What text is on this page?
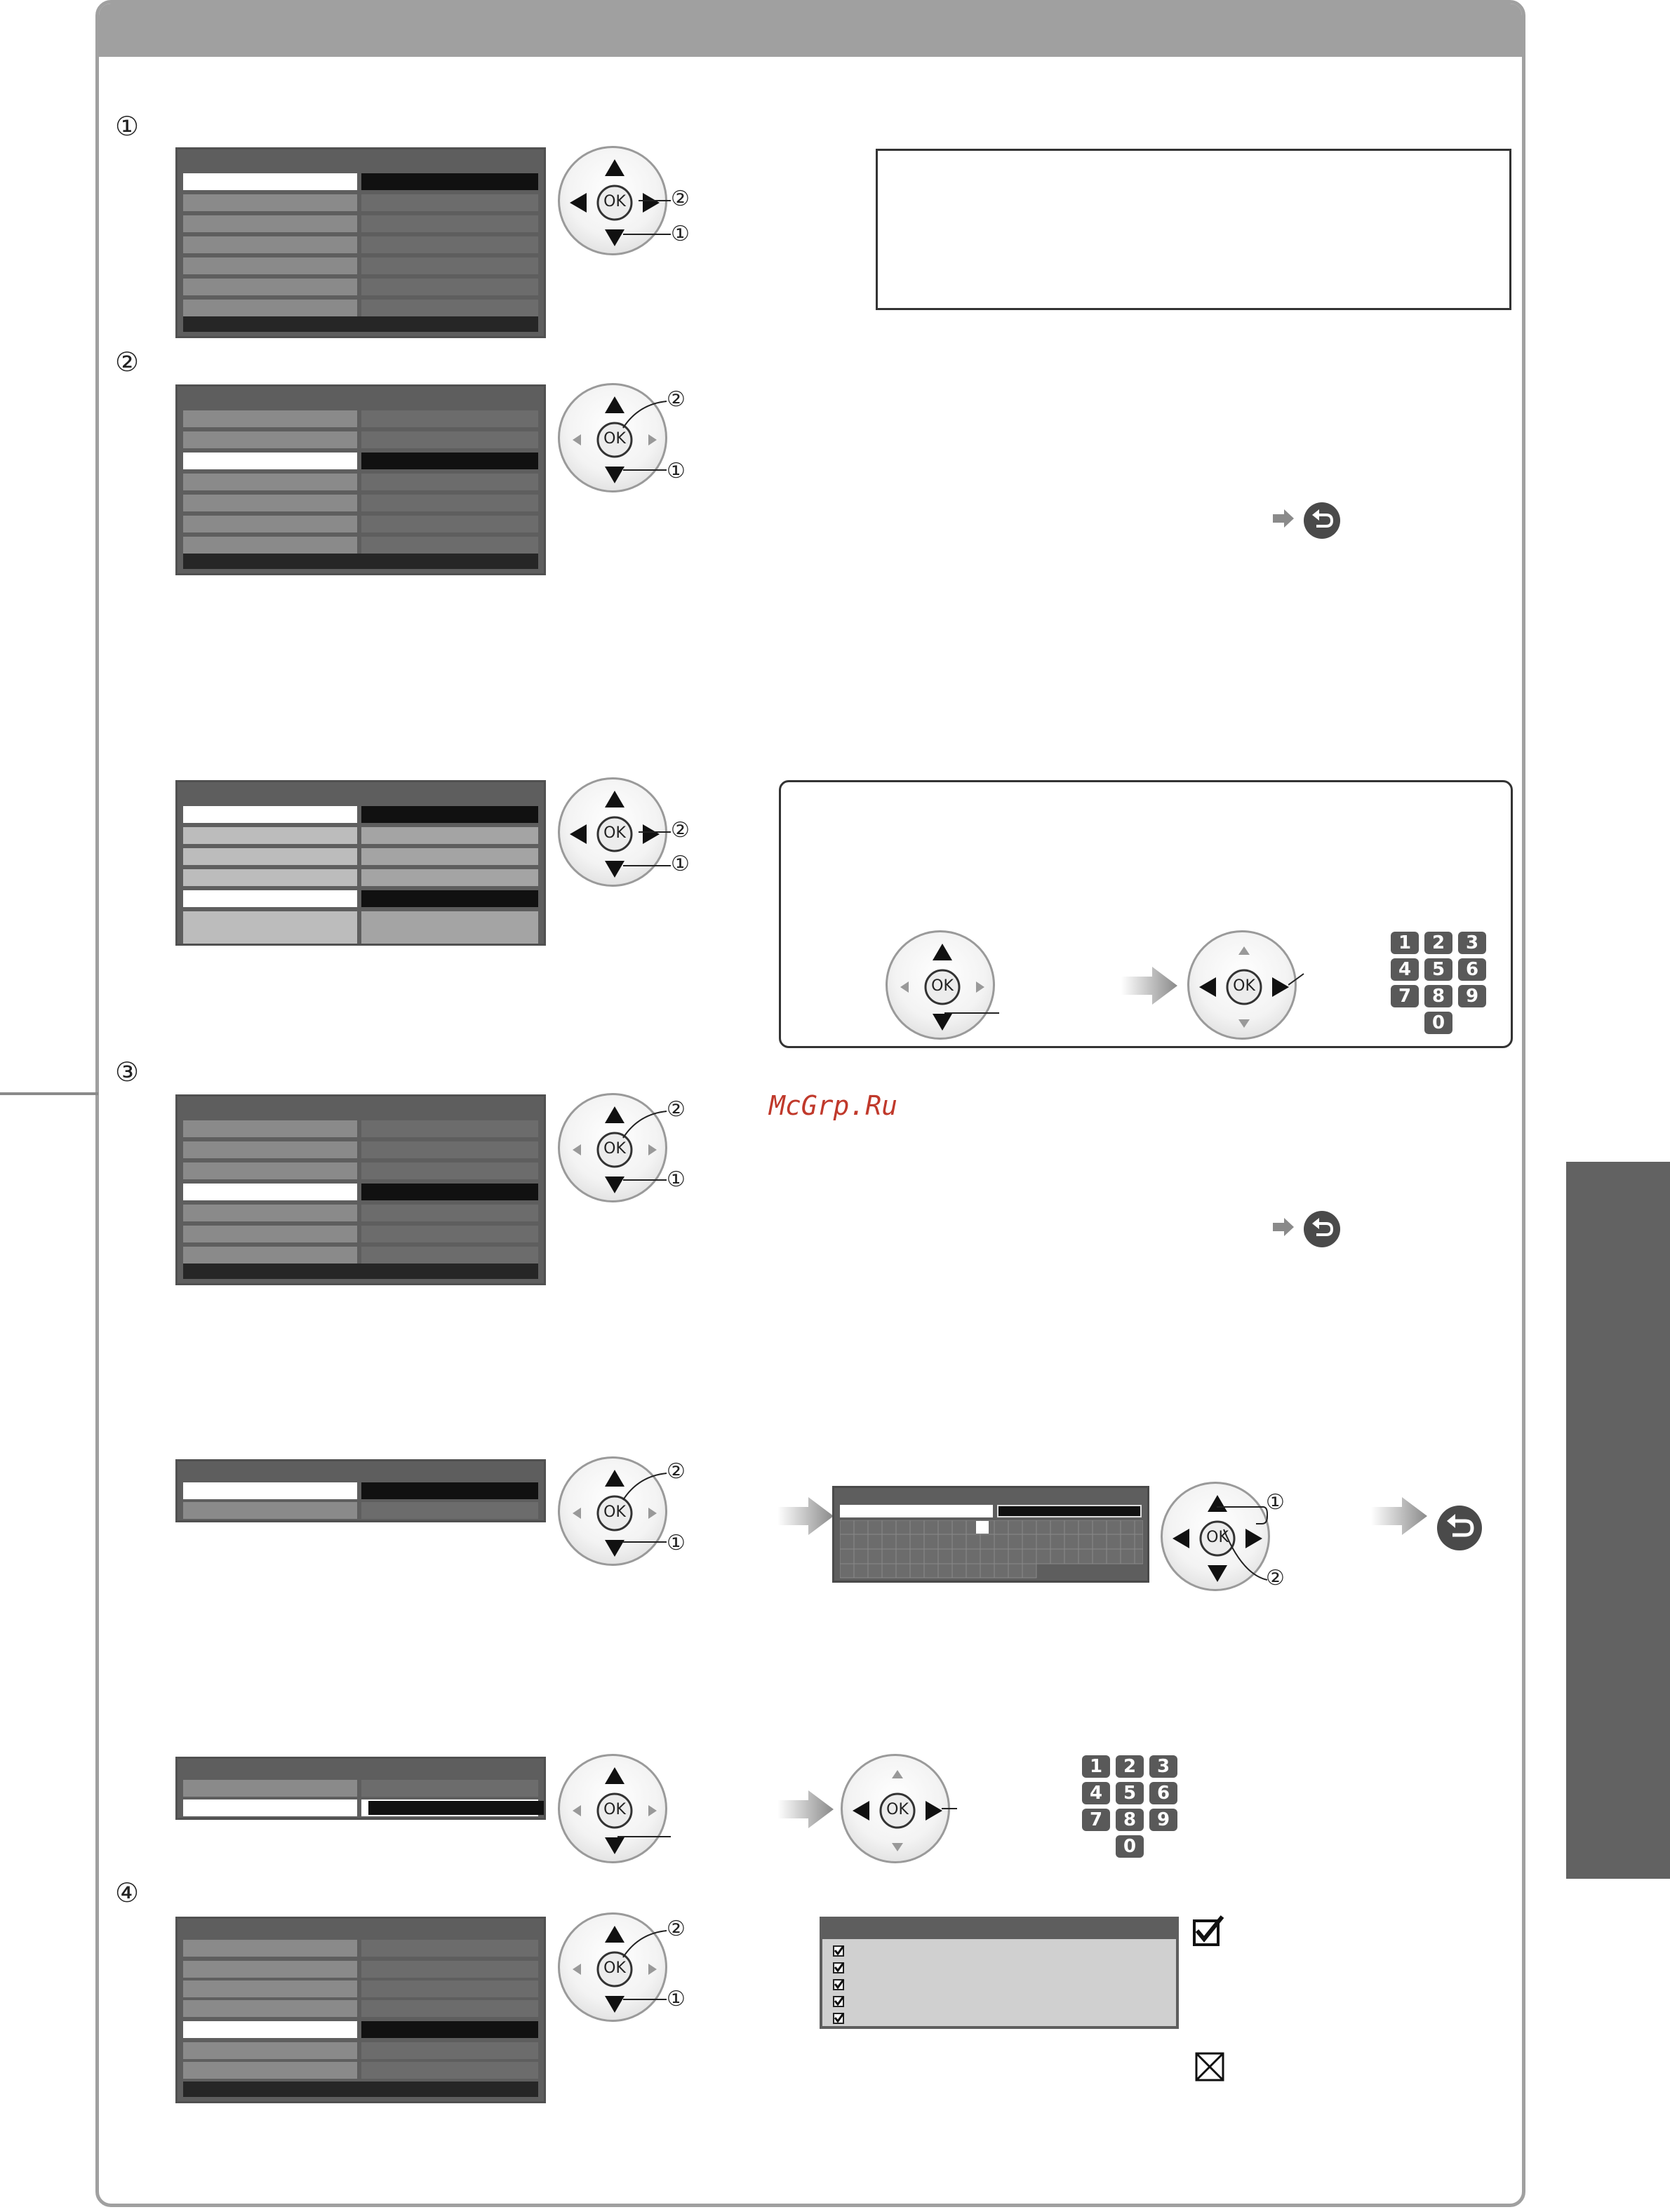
①
②
③
④
OK ②
①
OK
②
①
OK ②
①
OK	OK
1	2	3
4	5	6
7	8	9
0
OK
②
①
McGrp.Ru
OK
②
①	OK
①
②
OK	OK
1	2	3
4	5	6
7	8	9
0
OK
②
①
